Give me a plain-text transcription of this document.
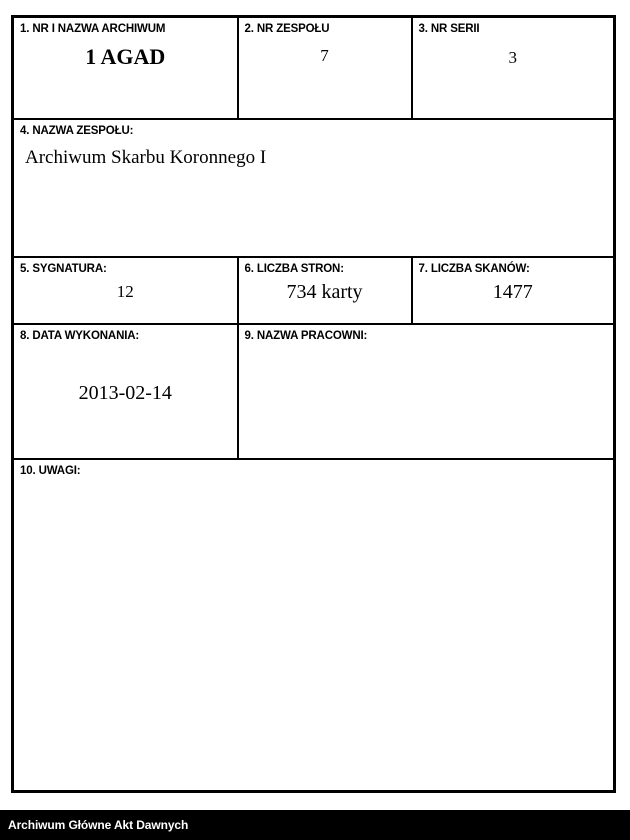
1. NR I NAZWA ARCHIWUM
1 AGAD	2. NR ZESPOŁU
7	3. NR SERII
3

4. NAZWA ZESPOŁU:
Archiwum Skarbu Koronnego I		

5. SYGNATURA:
12	6. LICZBA STRON:
734 karty	7. LICZBA SKANÓW:
1477

8. DATA WYKONANIA:
2013-02-14	9. NAZWA PRACOWNI:	

10. UWAGI:		
Archiwum Główne Akt Dawnych
